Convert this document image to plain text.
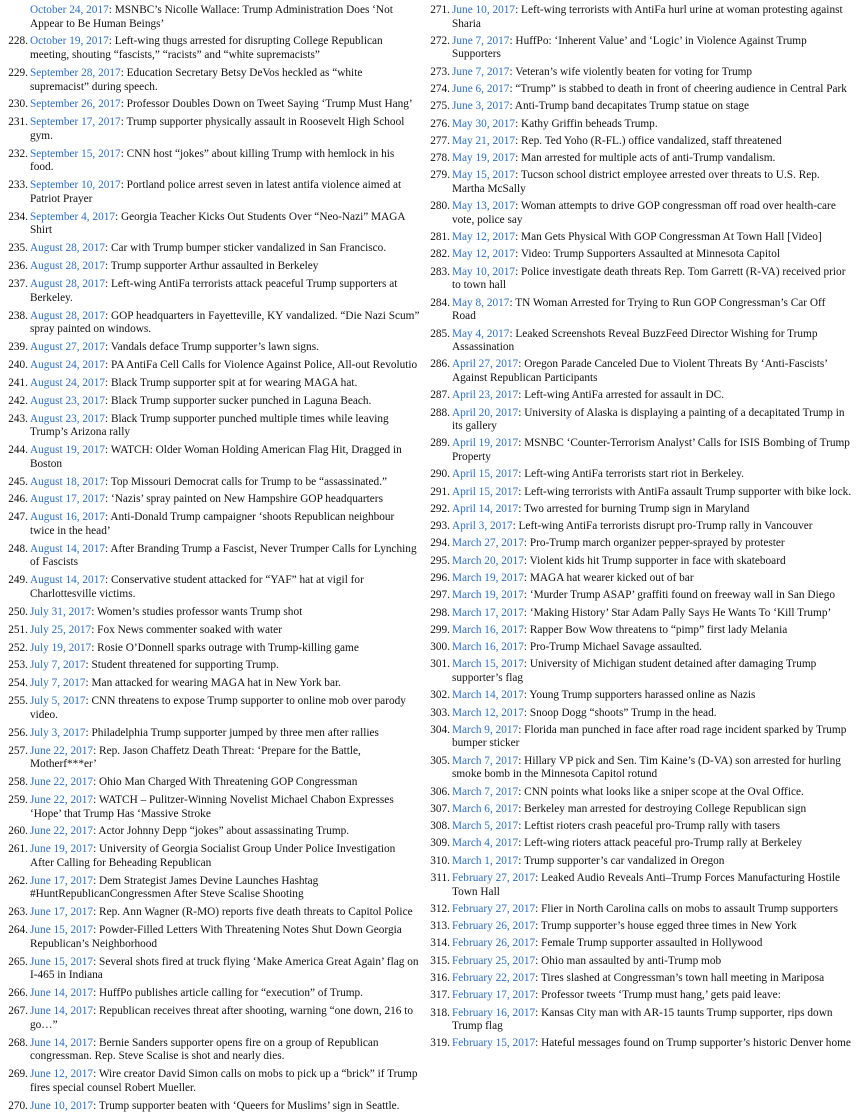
October 24, 2017: MSNBC’s Nicolle Wallace: Trump Administration Does ‘Not Appear to Be Human Beings’
228. October 19, 2017: Left-wing thugs arrested for disrupting College Republican meeting, shouting “fascists,” “racists” and “white supremacists”
229. September 28, 2017: Education Secretary Betsy DeVos heckled as “white supremacist” during speech.
230. September 26, 2017: Professor Doubles Down on Tweet Saying ‘Trump Must Hang’
231. September 17, 2017: Trump supporter physically assault in Roosevelt High School gym.
232. September 15, 2017: CNN host “jokes” about killing Trump with hemlock in his food.
233. September 10, 2017: Portland police arrest seven in latest antifa violence aimed at Patriot Prayer
234. September 4, 2017: Georgia Teacher Kicks Out Students Over “Neo-Nazi” MAGA Shirt
235. August 28, 2017: Car with Trump bumper sticker vandalized in San Francisco.
236. August 28, 2017: Trump supporter Arthur assaulted in Berkeley
237. August 28, 2017: Left-wing AntiFa terrorists attack peaceful Trump supporters at Berkeley.
238. August 28, 2017: GOP headquarters in Fayetteville, KY vandalized. “Die Nazi Scum” spray painted on windows.
239. August 27, 2017: Vandals deface Trump supporter’s lawn signs.
240. August 24, 2017: PA AntiFa Cell Calls for Violence Against Police, All-out Revolutio
241. August 24, 2017: Black Trump supporter spit at for wearing MAGA hat.
242. August 23, 2017: Black Trump supporter sucker punched in Laguna Beach.
243. August 23, 2017: Black Trump supporter punched multiple times while leaving Trump’s Arizona rally
244. August 19, 2017: WATCH: Older Woman Holding American Flag Hit, Dragged in Boston
245. August 18, 2017: Top Missouri Democrat calls for Trump to be “assassinated.”
246. August 17, 2017: ‘Nazis’ spray painted on New Hampshire GOP headquarters
247. August 16, 2017: Anti-Donald Trump campaigner ‘shoots Republican neighbour twice in the head’
248. August 14, 2017: After Branding Trump a Fascist, Never Trumper Calls for Lynching of Fascists
249. August 14, 2017: Conservative student attacked for “YAF” hat at vigil for Charlottesville victims.
250. July 31, 2017: Women’s studies professor wants Trump shot
251. July 25, 2017: Fox News commenter soaked with water
252. July 19, 2017: Rosie O’Donnell sparks outrage with Trump-killing game
253. July 7, 2017: Student threatened for supporting Trump.
254. July 7, 2017: Man attacked for wearing MAGA hat in New York bar.
255. July 5, 2017: CNN threatens to expose Trump supporter to online mob over parody video.
256. July 3, 2017: Philadelphia Trump supporter jumped by three men after rallies
257. June 22, 2017: Rep. Jason Chaffetz Death Threat: ‘Prepare for the Battle, Motherf***er’
258. June 22, 2017: Ohio Man Charged With Threatening GOP Congressman
259. June 22, 2017: WATCH – Pulitzer-Winning Novelist Michael Chabon Expresses ‘Hope’ that Trump Has ‘Massive Stroke
260. June 22, 2017: Actor Johnny Depp “jokes” about assassinating Trump.
261. June 19, 2017: University of Georgia Socialist Group Under Police Investigation After Calling for Beheading Republican
262. June 17, 2017: Dem Strategist James Devine Launches Hashtag #HuntRepublicanCongressmen After Steve Scalise Shooting
263. June 17, 2017: Rep. Ann Wagner (R-MO) reports five death threats to Capitol Police
264. June 15, 2017: Powder-Filled Letters With Threatening Notes Shut Down Georgia Republican’s Neighborhood
265. June 15, 2017: Several shots fired at truck flying ‘Make America Great Again’ flag on I-465 in Indiana
266. June 14, 2017: HuffPo publishes article calling for “execution” of Trump.
267. June 14, 2017: Republican receives threat after shooting, warning “one down, 216 to go…”
268. June 14, 2017: Bernie Sanders supporter opens fire on a group of Republican congressman. Rep. Steve Scalise is shot and nearly dies.
269. June 12, 2017: Wire creator David Simon calls on mobs to pick up a “brick” if Trump fires special counsel Robert Mueller.
270. June 10, 2017: Trump supporter beaten with ‘Queers for Muslims’ sign in Seattle.
271. June 10, 2017: Left-wing terrorists with AntiFa hurl urine at woman protesting against Sharia
272. June 7, 2017: HuffPo: ‘Inherent Value’ and ‘Logic’ in Violence Against Trump Supporters
273. June 7, 2017: Veteran’s wife violently beaten for voting for Trump
274. June 6, 2017: “Trump” is stabbed to death in front of cheering audience in Central Park
275. June 3, 2017: Anti-Trump band decapitates Trump statue on stage
276. May 30, 2017: Kathy Griffin beheads Trump.
277. May 21, 2017: Rep. Ted Yoho (R-FL.) office vandalized, staff threatened
278. May 19, 2017: Man arrested for multiple acts of anti-Trump vandalism.
279. May 15, 2017: Tucson school district employee arrested over threats to U.S. Rep. Martha McSally
280. May 13, 2017: Woman attempts to drive GOP congressman off road over health-care vote, police say
281. May 12, 2017: Man Gets Physical With GOP Congressman At Town Hall [Video]
282. May 12, 2017: Video: Trump Supporters Assaulted at Minnesota Capitol
283. May 10, 2017: Police investigate death threats Rep. Tom Garrett (R-VA) received prior to town hall
284. May 8, 2017: TN Woman Arrested for Trying to Run GOP Congressman’s Car Off Road
285. May 4, 2017: Leaked Screenshots Reveal BuzzFeed Director Wishing for Trump Assassination
286. April 27, 2017: Oregon Parade Canceled Due to Violent Threats By ‘Anti-Fascists’ Against Republican Participants
287. April 23, 2017: Left-wing AntiFa arrested for assault in DC.
288. April 20, 2017: University of Alaska is displaying a painting of a decapitated Trump in its gallery
289. April 19, 2017: MSNBC ‘Counter-Terrorism Analyst’ Calls for ISIS Bombing of Trump Property
290. April 15, 2017: Left-wing AntiFa terrorists start riot in Berkeley.
291. April 15, 2017: Left-wing terrorists with AntiFa assault Trump supporter with bike lock.
292. April 14, 2017: Two arrested for burning Trump sign in Maryland
293. April 3, 2017: Left-wing AntiFa terrorists disrupt pro-Trump rally in Vancouver
294. March 27, 2017: Pro-Trump march organizer pepper-sprayed by protester
295. March 20, 2017: Violent kids hit Trump supporter in face with skateboard
296. March 19, 2017: MAGA hat wearer kicked out of bar
297. March 19, 2017: ‘Murder Trump ASAP’ graffiti found on freeway wall in San Diego
298. March 17, 2017: ‘Making History’ Star Adam Pally Says He Wants To ‘Kill Trump’
299. March 16, 2017: Rapper Bow Wow threatens to “pimp” first lady Melania
300. March 16, 2017: Pro-Trump Michael Savage assaulted.
301. March 15, 2017: University of Michigan student detained after damaging Trump supporter’s flag
302. March 14, 2017: Young Trump supporters harassed online as Nazis
303. March 12, 2017: Snoop Dogg “shoots” Trump in the head.
304. March 9, 2017: Florida man punched in face after road rage incident sparked by Trump bumper sticker
305. March 7, 2017: Hillary VP pick and Sen. Tim Kaine’s (D-VA) son arrested for hurling smoke bomb in the Minnesota Capitol rotund
306. March 7, 2017: CNN points what looks like a sniper scope at the Oval Office.
307. March 6, 2017: Berkeley man arrested for destroying College Republican sign
308. March 5, 2017: Leftist rioters crash peaceful pro-Trump rally with tasers
309. March 4, 2017: Left-wing rioters attack peaceful pro-Trump rally at Berkeley
310. March 1, 2017: Trump supporter’s car vandalized in Oregon
311. February 27, 2017: Leaked Audio Reveals Anti–Trump Forces Manufacturing Hostile Town Hall
312. February 27, 2017: Flier in North Carolina calls on mobs to assault Trump supporters
313. February 26, 2017: Trump supporter’s house egged three times in New York
314. February 26, 2017: Female Trump supporter assaulted in Hollywood
315. February 25, 2017: Ohio man assaulted by anti-Trump mob
316. February 22, 2017: Tires slashed at Congressman’s town hall meeting in Mariposa
317. February 17, 2017: Professor tweets ‘Trump must hang,’ gets paid leave:
318. February 16, 2017: Kansas City man with AR-15 taunts Trump supporter, rips down Trump flag
319. February 15, 2017: Hateful messages found on Trump supporter’s historic Denver home
